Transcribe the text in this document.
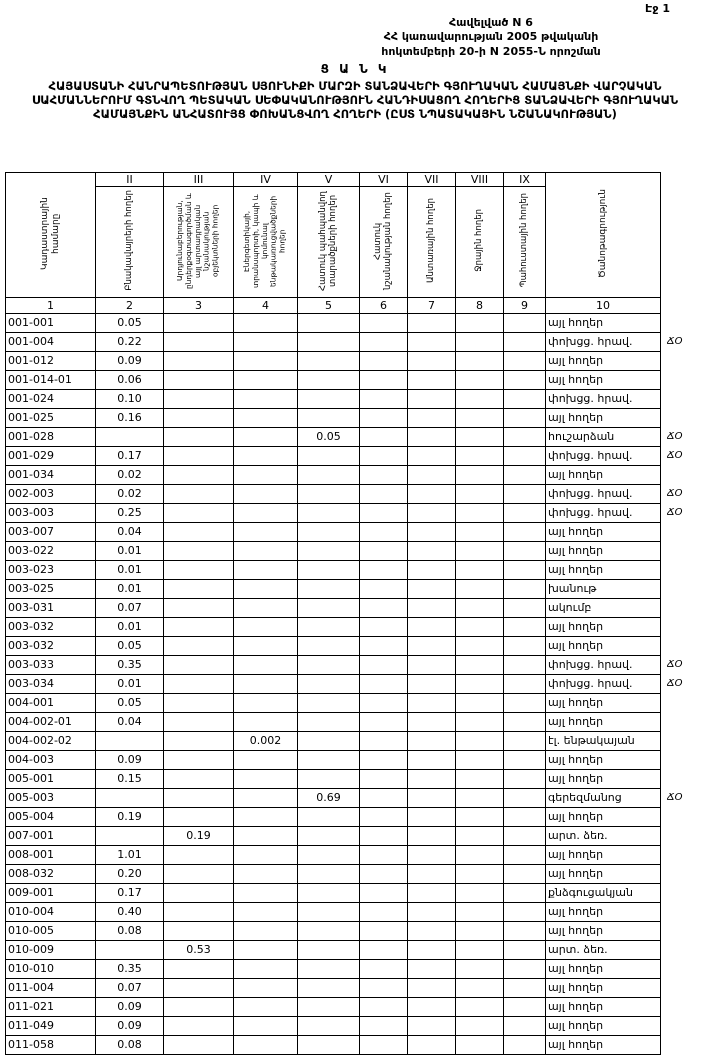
Էջ 1
Հավելված N 6
ՀՀ կառավարության 2005 թվականի
հոկտեմբերի 20-ի N 2055-Ն որոշման
Ց Ա Ն Կ
ՀԱՅԱՍՏԱՆԻ ՀԱՆՐԱՊԵՏՈՒԹՅԱՆ ՍՅՈՒՆԻՔԻ ՄԱՐԶԻ ՏԱՆՁԱՎԵՐԻ ԳՅՈՒՂԱԿԱՆ ՀԱՄԱՅՆՔԻ ՎԱՐՉԱԿԱՆ ՍԱՀՄԱՆՆԵՐՈՒՄ ԳՏՆՎՈՂ ՊԵՏԱԿԱՆ ՍԵՓԱԿԱՆՈՒԹՅՈՒՆ ՀԱՆԴԻՍԱՑՈՂ ՀՈՂԵՐԻՑ ՏԱՆՁԱՎԵՐԻ ԳՅՈՒՂԱԿԱՆ ՀԱՄԱՅՆՔԻՆ ԱՆՀԱՏՈՒՅՑ ՓՈԽԱՆՑՎՈՂ ՀՈՂԵՐԻ (ԸՍՏ ՆՊԱՏԱԿԱՅԻՆ ՆՇԱՆԱԿՈՒԹՅԱՆ)
Կադաստրային համարը	II	III	IV	V	VI	VII	VIII	IX	Ծանոթագրություն	
	Բնակավայրերի հողեր	Արդյունաբերության, ընդերքօգտագործման և այլ արտադրական նշանակության օբյեկտների հողեր	Էներգետիկայի, տրանսպորտի, կապի և կոմունալ ենթակառուցվածքների հողեր	Հատուկ պահպանվող տարածքների հողեր	Հատուկ նշանակության հողեր	Անտառային հողեր	Ջրային հողեր	Պահուստային հողեր		
1	2	3	4	5	6	7	8	9	10	
001-001	0.05								այլ հողեր	
001-004	0.22								փոխցց. հրավ.	ՃՕ
001-012	0.09								այլ հողեր	
001-014-01	0.06								այլ հողեր	
001-024	0.10								փոխցց. հրավ.	
001-025	0.16								այլ հողեր	
001-028				0.05					հուշարձան	ՃՕ
001-029	0.17								փոխցց. հրավ.	ՃՕ
001-034	0.02								այլ հողեր	
002-003	0.02								փոխցց. հրավ.	ՃՕ
003-003	0.25								փոխցց. հրավ.	ՃՕ
003-007	0.04								այլ հողեր	
003-022	0.01								այլ հողեր	
003-023	0.01								այլ հողեր	
003-025	0.01								խանութ	
003-031	0.07								ակումբ	
003-032	0.01								այլ հողեր	
003-032	0.05								այլ հողեր	
003-033	0.35								փոխցց. հրավ.	ՃՕ
003-034	0.01								փոխցց. հրավ.	ՃՕ
004-001	0.05								այլ հողեր	
004-002-01	0.04								այլ հողեր	
004-002-02			0.002						էլ. ենթակայան	
004-003	0.09								այլ հողեր	
005-001	0.15								այլ հողեր	
005-003				0.69					գերեզմանոց	ՃՕ
005-004	0.19								այլ հողեր	
007-001		0.19							արտ. ձեռ.	
008-001	1.01								այլ հողեր	
008-032	0.20								այլ հողեր	
009-001	0.17								քնձգուցակյան	
010-004	0.40								այլ հողեր	
010-005	0.08								այլ հողեր	
010-009		0.53							արտ. ձեռ.	
010-010	0.35								այլ հողեր	
011-004	0.07								այլ հողեր	
011-021	0.09								այլ հողեր	
011-049	0.09								այլ հողեր	
011-058	0.08								այլ հողեր	
